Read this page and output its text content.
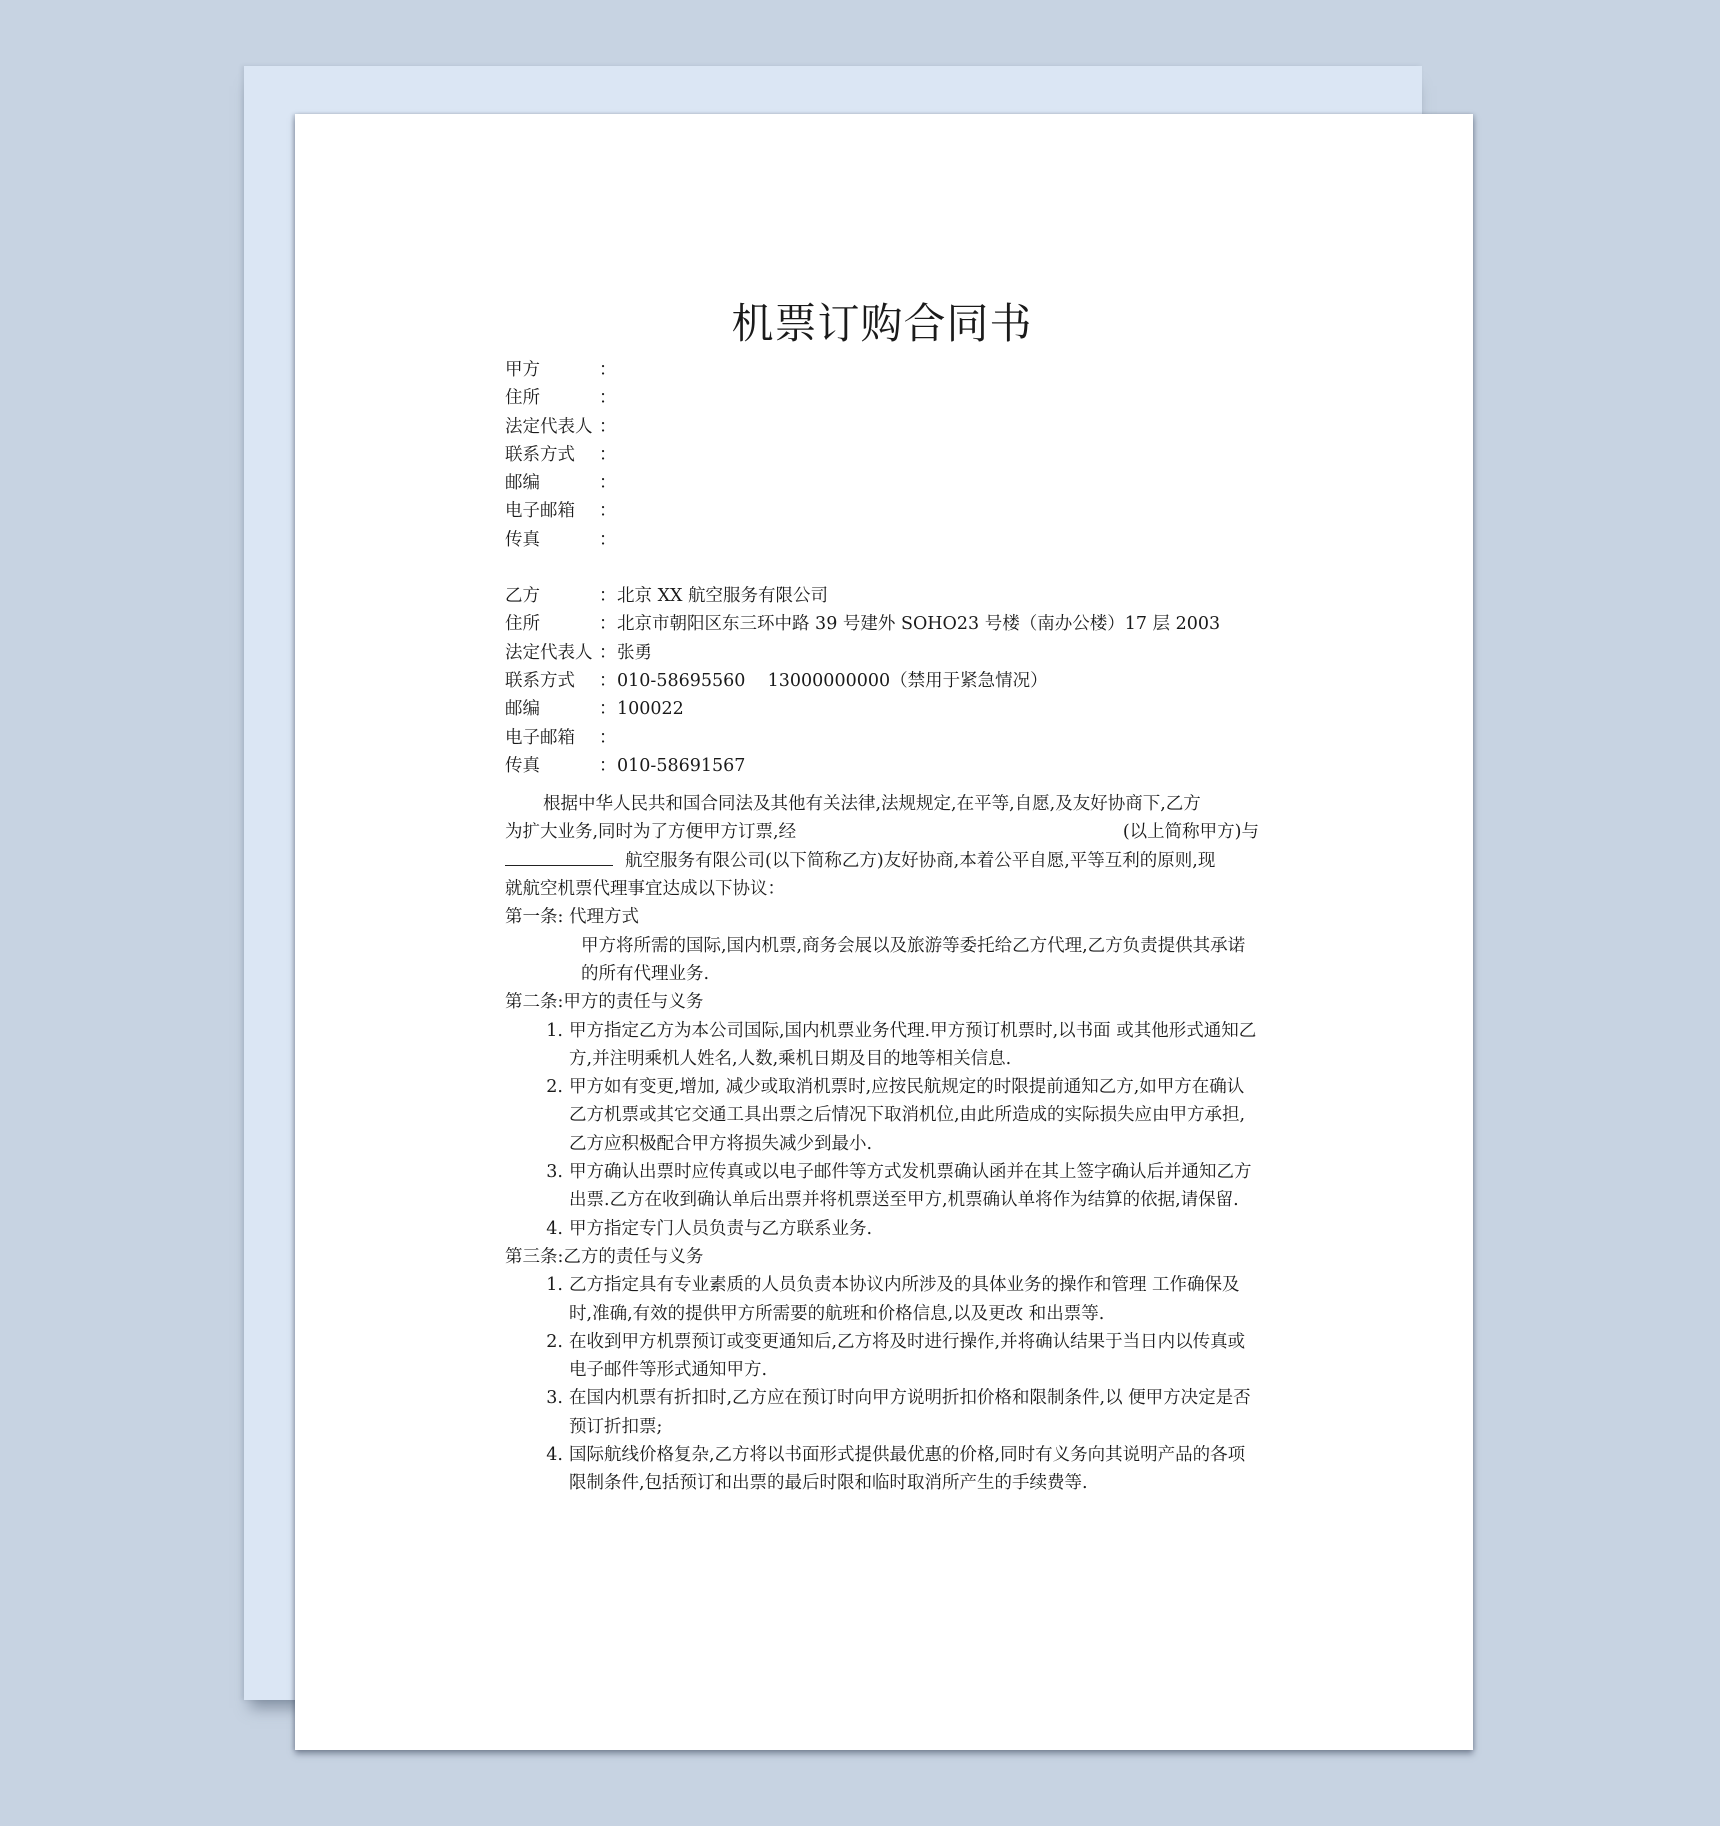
机票订购合同书
甲方	：
住所	：
法定代表人 ：
联系方式	：
邮编	：
电子邮箱	：
传真	：
乙方	： 北京 XX 航空服务有限公司
住所	： 北京市朝阳区东三环中路 39 号建外 SOHO23 号楼（南办公楼）17 层 2003
法定代表人 ： 张勇
联系方式	： 010-58695560    13000000000（禁用于紧急情况）
邮编	： 100022
电子邮箱	：
传真	： 010-58691567
根据中华人民共和国合同法及其他有关法律,法规规定,在平等,自愿,及友好协商下,乙方
为扩大业务,同时为了方便甲方订票,经	(以上简称甲方)与
航空服务有限公司(以下简称乙方)友好协商,本着公平自愿,平等互利的原则,现
就航空机票代理事宜达成以下协议：
第一条: 代理方式
甲方将所需的国际,国内机票,商务会展以及旅游等委托给乙方代理,乙方负责提供其承诺的所有代理业务.
第二条:甲方的责任与义务
1. 甲方指定乙方为本公司国际,国内机票业务代理.甲方预订机票时,以书面 或其他形式通知乙方,并注明乘机人姓名,人数,乘机日期及目的地等相关信息.
2. 甲方如有变更,增加, 减少或取消机票时,应按民航规定的时限提前通知乙方,如甲方在确认乙方机票或其它交通工具出票之后情况下取消机位,由此所造成的实际损失应由甲方承担,乙方应积极配合甲方将损失减少到最小.
3. 甲方确认出票时应传真或以电子邮件等方式发机票确认函并在其上签字确认后并通知乙方出票.乙方在收到确认单后出票并将机票送至甲方,机票确认单将作为结算的依据,请保留.
4. 甲方指定专门人员负责与乙方联系业务.
第三条:乙方的责任与义务
1. 乙方指定具有专业素质的人员负责本协议内所涉及的具体业务的操作和管理 工作确保及时,准确,有效的提供甲方所需要的航班和价格信息,以及更改 和出票等.
2. 在收到甲方机票预订或变更通知后,乙方将及时进行操作,并将确认结果于当日内以传真或电子邮件等形式通知甲方.
3. 在国内机票有折扣时,乙方应在预订时向甲方说明折扣价格和限制条件,以 便甲方决定是否预订折扣票;
4. 国际航线价格复杂,乙方将以书面形式提供最优惠的价格,同时有义务向其说明产品的各项限制条件,包括预订和出票的最后时限和临时取消所产生的手续费等.
